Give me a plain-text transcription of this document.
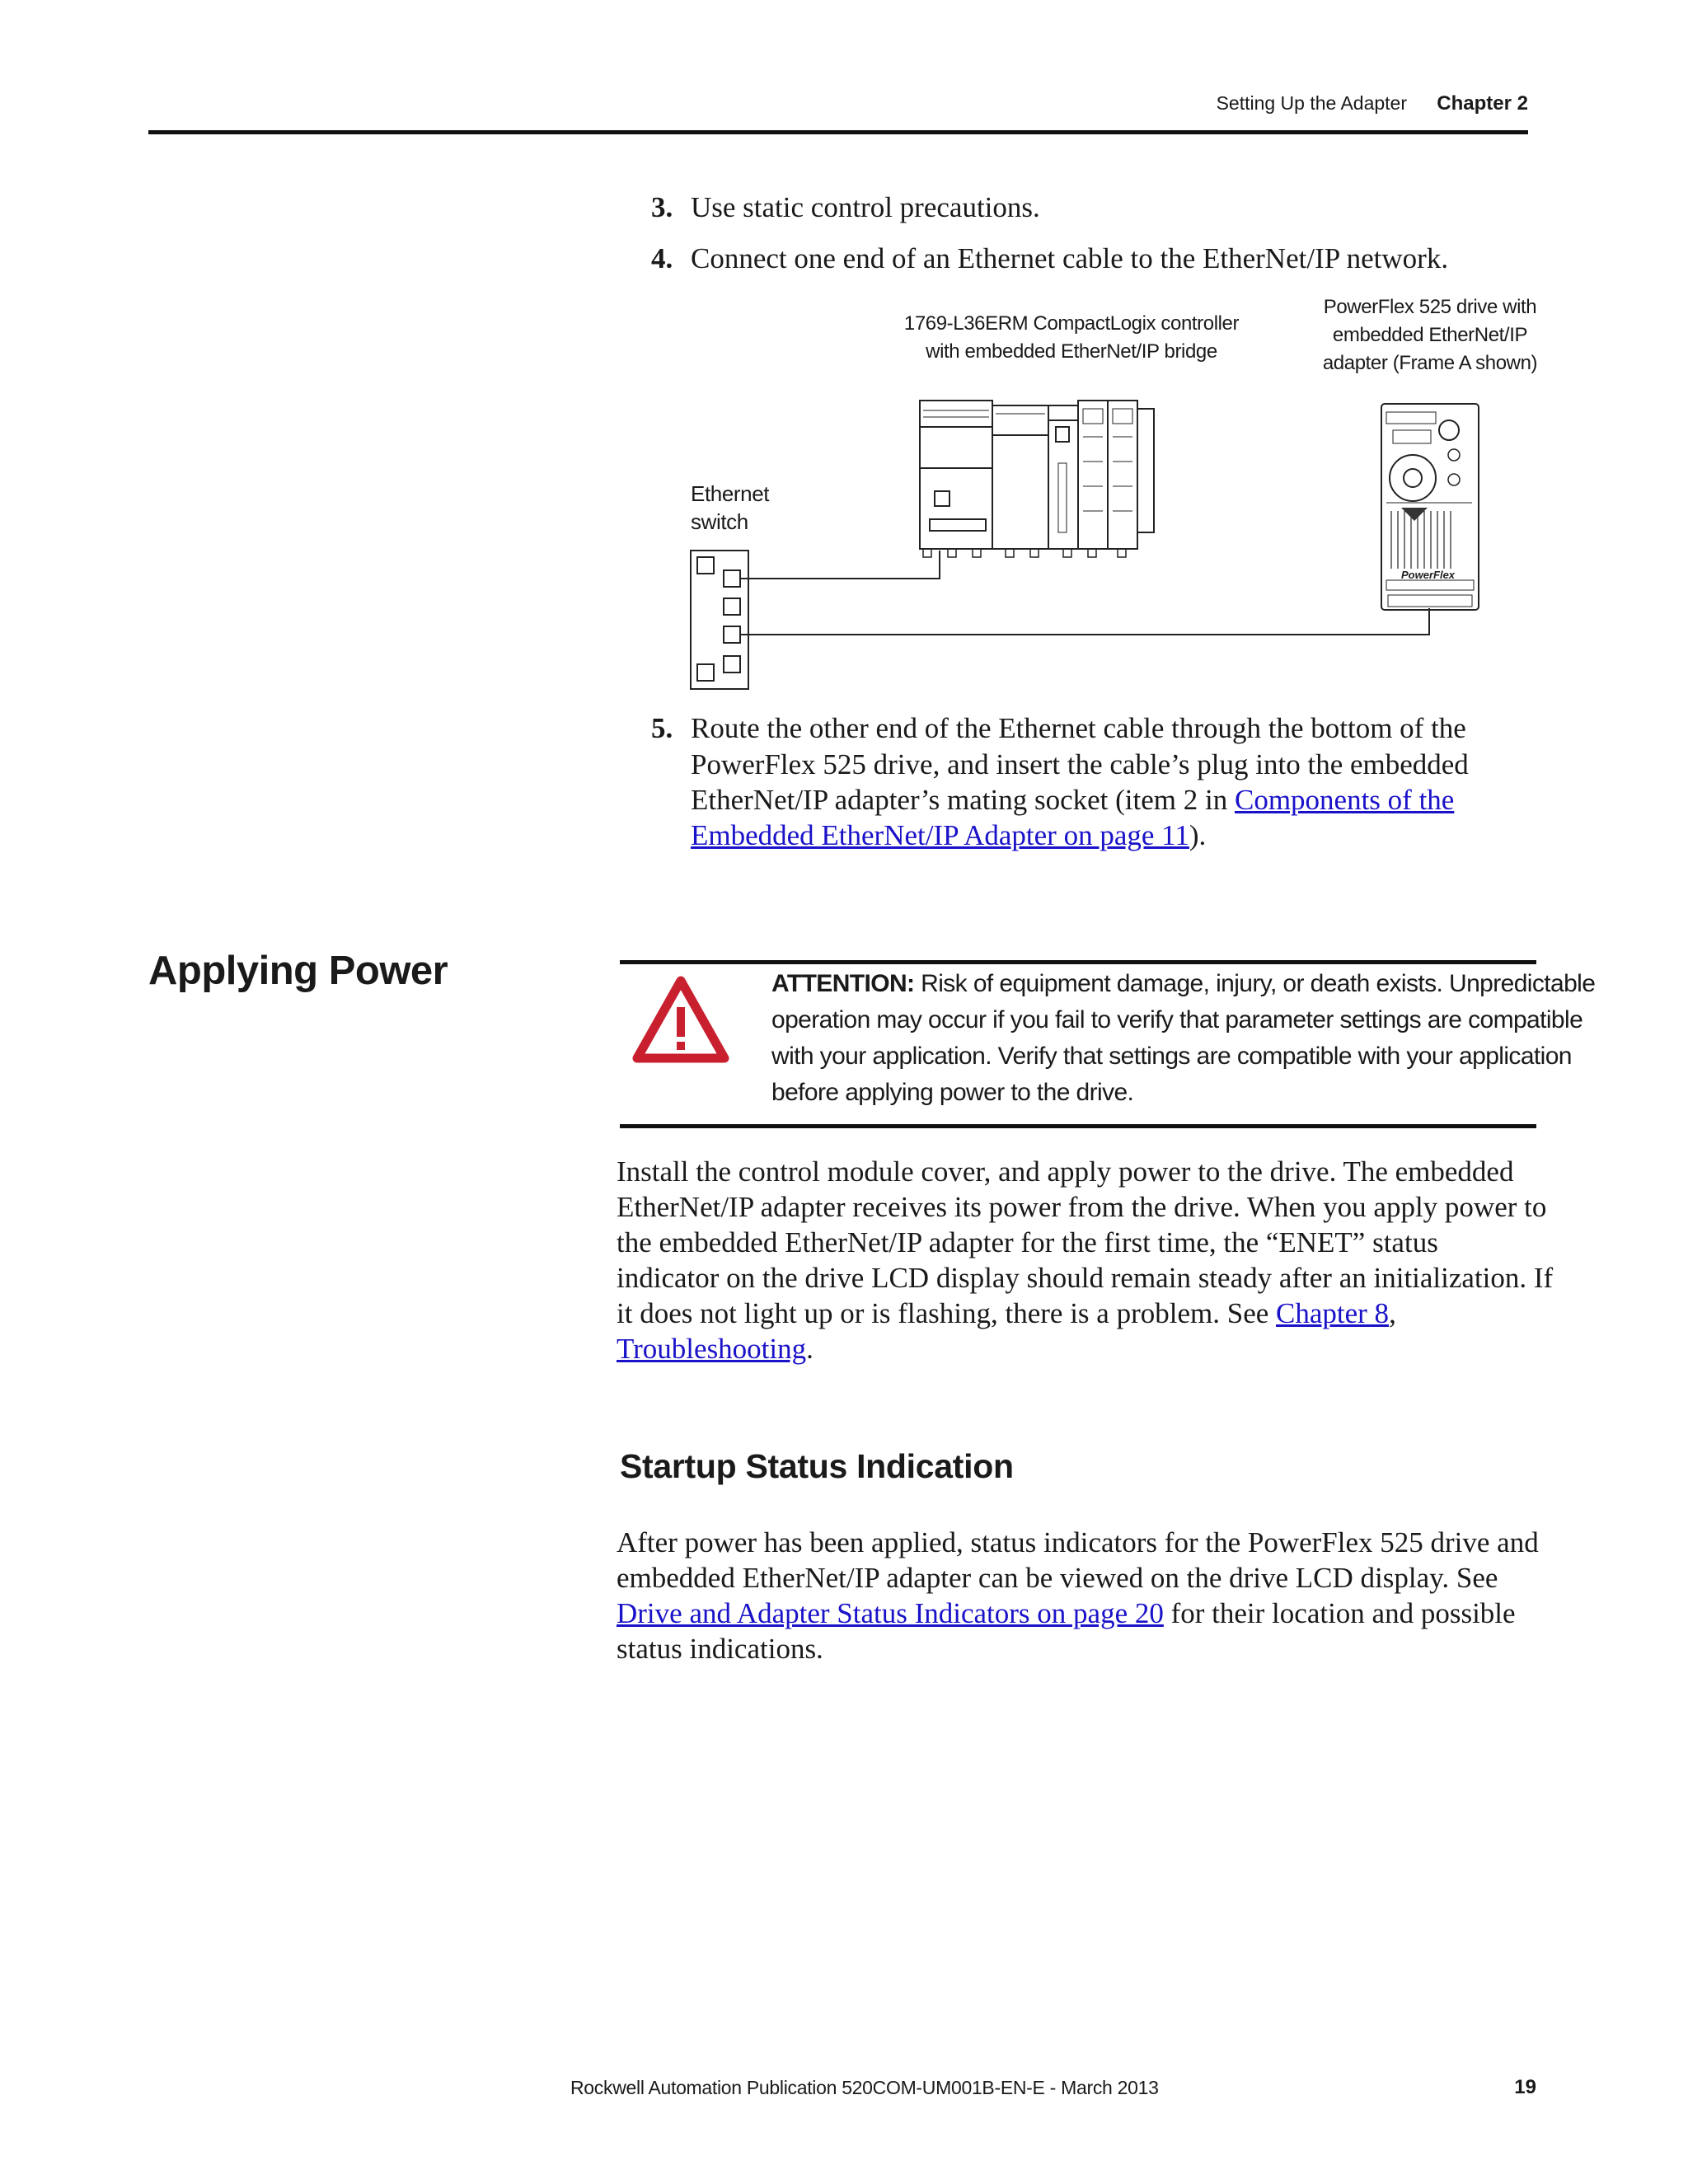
Setting Up the Adapter Chapter 2
3. Use static control precautions.
4. Connect one end of an Ethernet cable to the EtherNet/IP network.
1769-L36ERM CompactLogix controller
with embedded EtherNet/IP bridge
PowerFlex 525 drive with
embedded EtherNet/IP
adapter (Frame A shown)
Ethernet
switch
PowerFlex
5. Route the other end of the Ethernet cable through the bottom of the
PowerFlex 525 drive, and insert the cable’s plug into the embedded
EtherNet/IP adapter’s mating socket (item 2 in Components of the
Embedded EtherNet/IP Adapter on page 11).
Applying Power	ATTENTION: Risk of equipment damage, injury, or death exists. Unpredictable
operation may occur if you fail to verify that parameter settings are compatible
with your application. Verify that settings are compatible with your application
before applying power to the drive.
Install the control module cover, and apply power to the drive. The embedded
EtherNet/IP adapter receives its power from the drive. When you apply power to
the embedded EtherNet/IP adapter for the first time, the “ENET” status
indicator on the drive LCD display should remain steady after an initialization. If
it does not light up or is flashing, there is a problem. See Chapter 8,
Troubleshooting.
Startup Status Indication
After power has been applied, status indicators for the PowerFlex 525 drive and
embedded EtherNet/IP adapter can be viewed on the drive LCD display. See
Drive and Adapter Status Indicators on page 20 for their location and possible
status indications.
Rockwell Automation Publication 520COM-UM001B-EN-E - March 2013	19
